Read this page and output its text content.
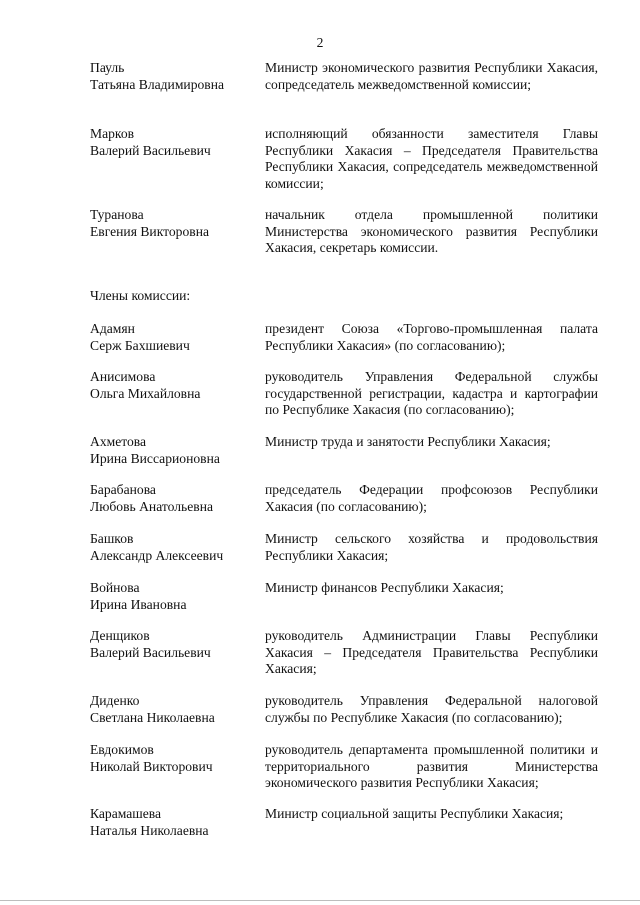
2
Пауль
Татьяна Владимировна
Министр экономического развития Республики Хакасия, сопредседатель межведомственной комиссии;
Марков
Валерий Васильевич
исполняющий обязанности заместителя Главы Республики Хакасия – Председателя Правительства Республики Хакасия, сопредседатель межведомственной комиссии;
Туранова
Евгения Викторовна
начальник отдела промышленной политики Министерства экономического развития Республики Хакасия, секретарь комиссии.
Члены комиссии:
Адамян
Серж Бахшиевич
президент Союза «Торгово-промышленная палата Республики Хакасия» (по согласованию);
Анисимова
Ольга Михайловна
руководитель Управления Федеральной службы государственной регистрации, кадастра и картографии по Республике Хакасия (по согласованию);
Ахметова
Ирина Виссарионовна
Министр труда и занятости Республики Хакасия;
Барабанова
Любовь Анатольевна
председатель Федерации профсоюзов Республики Хакасия (по согласованию);
Башков
Александр Алексеевич
Министр сельского хозяйства и продовольствия Республики Хакасия;
Войнова
Ирина Ивановна
Министр финансов Республики Хакасия;
Денщиков
Валерий Васильевич
руководитель Администрации Главы Республики Хакасия – Председателя Правительства Республики Хакасия;
Диденко
Светлана Николаевна
руководитель Управления Федеральной налоговой службы по Республике Хакасия (по согласованию);
Евдокимов
Николай Викторович
руководитель департамента промышленной политики и территориального развития Министерства экономического развития Республики Хакасия;
Карамашева
Наталья Николаевна
Министр социальной защиты Республики Хакасия;
